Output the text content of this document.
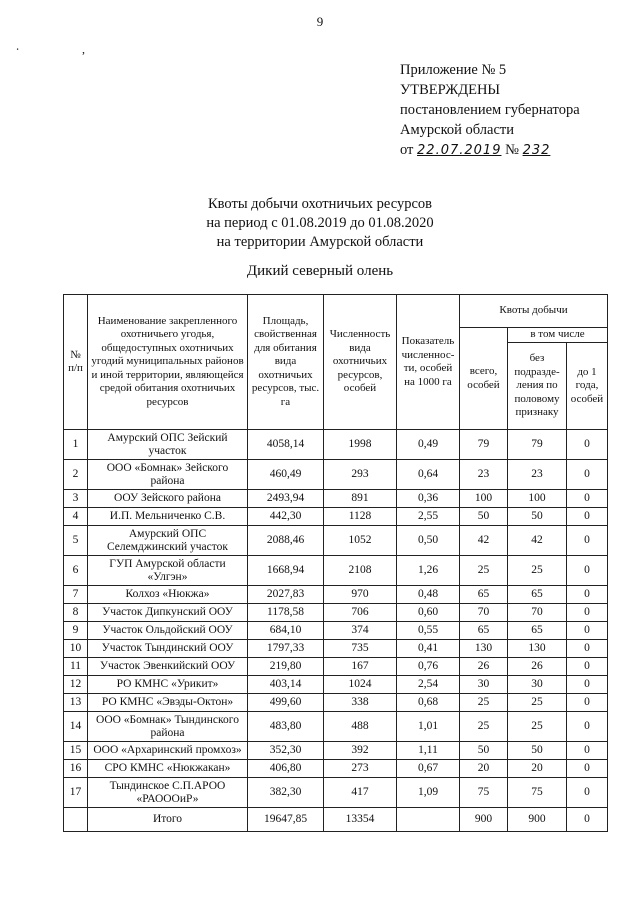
9
∙ ,
Приложение № 5
УТВЕРЖДЕНЫ
постановлением губернатора
Амурской области
от 22.07.2019 № 232
Квоты добычи охотничьих ресурсов
на период с 01.08.2019 до 01.08.2020
на территории Амурской области
Дикий северный олень
№ п/п	Наименование закрепленного охотничьего угодья, общедоступных охотничьих угодий муниципальных районов и иной территории, являющейся средой обитания охотничьих ресурсов	Площадь, свойственная для обитания вида охотничьих ресурсов, тыс. га	Численность вида охотничьих ресурсов, особей	Показатель численнос-ти, особей на 1000 га	Квоты добычи		
					всего, особей	в том числе	
						без подразде-ления по половому признаку	до 1 года, особей
1	Амурский ОПС Зейский участок	4058,14	1998	0,49	79	79	0
2	ООО «Бомнак» Зейского района	460,49	293	0,64	23	23	0
3	ООУ Зейского района	2493,94	891	0,36	100	100	0
4	И.П. Мельниченко С.В.	442,30	1128	2,55	50	50	0
5	Амурский ОПС Селемджинский участок	2088,46	1052	0,50	42	42	0
6	ГУП Амурской области «Улгэн»	1668,94	2108	1,26	25	25	0
7	Колхоз «Нюкжа»	2027,83	970	0,48	65	65	0
8	Участок Дипкунский ООУ	1178,58	706	0,60	70	70	0
9	Участок Ольдойский ООУ	684,10	374	0,55	65	65	0
10	Участок Тындинский ООУ	1797,33	735	0,41	130	130	0
11	Участок Эвенкийский ООУ	219,80	167	0,76	26	26	0
12	РО КМНС «Урикит»	403,14	1024	2,54	30	30	0
13	РО КМНС «Эвэды-Октон»	499,60	338	0,68	25	25	0
14	ООО «Бомнак» Тындинского района	483,80	488	1,01	25	25	0
15	ООО «Архаринский промхоз»	352,30	392	1,11	50	50	0
16	СРО КМНС «Нюкжакан»	406,80	273	0,67	20	20	0
17	Тындинское С.П.АРОО «РАОООиР»	382,30	417	1,09	75	75	0
	Итого	19647,85	13354		900	900	0
